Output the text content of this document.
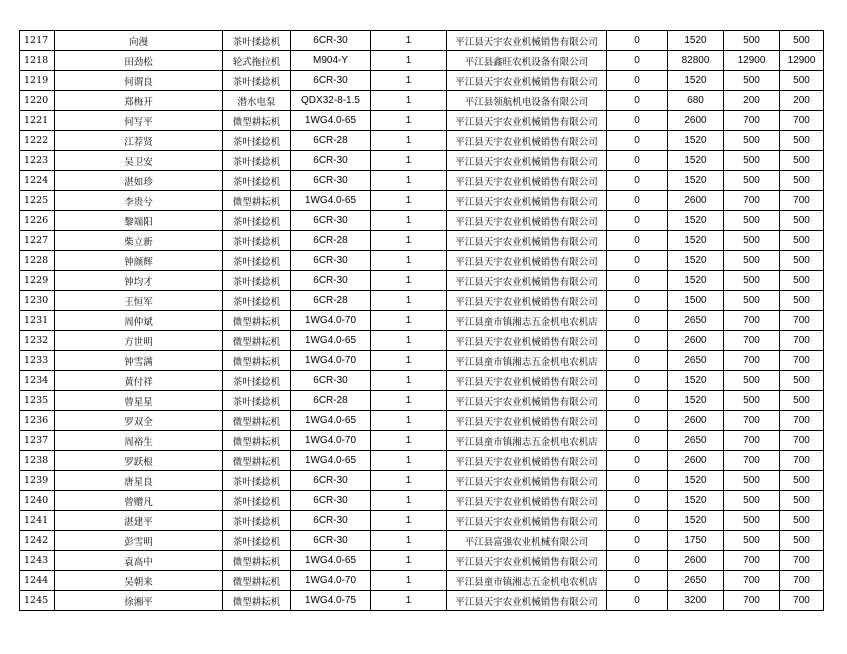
1217	向漫	茶叶揉捻机	6CR-30	1	平江县天宇农业机械销售有限公司	0	1520	500	500
1218	田劲松	轮式拖拉机	M904-Y	1	平江县鑫旺农机设备有限公司	0	82800	12900	12900
1219	何谓良	茶叶揉捻机	6CR-30	1	平江县天宇农业机械销售有限公司	0	1520	500	500
1220	郑梅开	潜水电泵	QDX32-8-1.5	1	平江县领航机电设备有限公司	0	680	200	200
1221	何写平	微型耕耘机	1WG4.0-65	1	平江县天宇农业机械销售有限公司	0	2600	700	700
1222	江荐贤	茶叶揉捻机	6CR-28	1	平江县天宇农业机械销售有限公司	0	1520	500	500
1223	吴卫安	茶叶揉捻机	6CR-30	1	平江县天宇农业机械销售有限公司	0	1520	500	500
1224	湛如珍	茶叶揉捻机	6CR-30	1	平江县天宇农业机械销售有限公司	0	1520	500	500
1225	李贵兮	微型耕耘机	1WG4.0-65	1	平江县天宇农业机械销售有限公司	0	2600	700	700
1226	黎端阳	茶叶揉捻机	6CR-30	1	平江县天宇农业机械销售有限公司	0	1520	500	500
1227	柴立新	茶叶揉捻机	6CR-28	1	平江县天宇农业机械销售有限公司	0	1520	500	500
1228	钟颜辉	茶叶揉捻机	6CR-30	1	平江县天宇农业机械销售有限公司	0	1520	500	500
1229	钟均才	茶叶揉捻机	6CR-30	1	平江县天宇农业机械销售有限公司	0	1520	500	500
1230	王恒军	茶叶揉捻机	6CR-28	1	平江县天宇农业机械销售有限公司	0	1500	500	500
1231	周仲斌	微型耕耘机	1WG4.0-70	1	平江县童市镇湘志五金机电农机店	0	2650	700	700
1232	方世明	微型耕耘机	1WG4.0-65	1	平江县天宇农业机械销售有限公司	0	2600	700	700
1233	钟雪满	微型耕耘机	1WG4.0-70	1	平江县童市镇湘志五金机电农机店	0	2650	700	700
1234	黄付祥	茶叶揉捻机	6CR-30	1	平江县天宇农业机械销售有限公司	0	1520	500	500
1235	曾星星	茶叶揉捻机	6CR-28	1	平江县天宇农业机械销售有限公司	0	1520	500	500
1236	罗双全	微型耕耘机	1WG4.0-65	1	平江县天宇农业机械销售有限公司	0	2600	700	700
1237	周裕生	微型耕耘机	1WG4.0-70	1	平江县童市镇湘志五金机电农机店	0	2650	700	700
1238	罗跃根	微型耕耘机	1WG4.0-65	1	平江县天宇农业机械销售有限公司	0	2600	700	700
1239	唐星良	茶叶揉捻机	6CR-30	1	平江县天宇农业机械销售有限公司	0	1520	500	500
1240	曾赠凡	茶叶揉捻机	6CR-30	1	平江县天宇农业机械销售有限公司	0	1520	500	500
1241	湛建平	茶叶揉捻机	6CR-30	1	平江县天宇农业机械销售有限公司	0	1520	500	500
1242	彭雪明	茶叶揉捻机	6CR-30	1	平江县富强农业机械有限公司	0	1750	500	500
1243	袁高中	微型耕耘机	1WG4.0-65	1	平江县天宇农业机械销售有限公司	0	2600	700	700
1244	吴朝来	微型耕耘机	1WG4.0-70	1	平江县童市镇湘志五金机电农机店	0	2650	700	700
1245	徐湘平	微型耕耘机	1WG4.0-75	1	平江县天宇农业机械销售有限公司	0	3200	700	700
